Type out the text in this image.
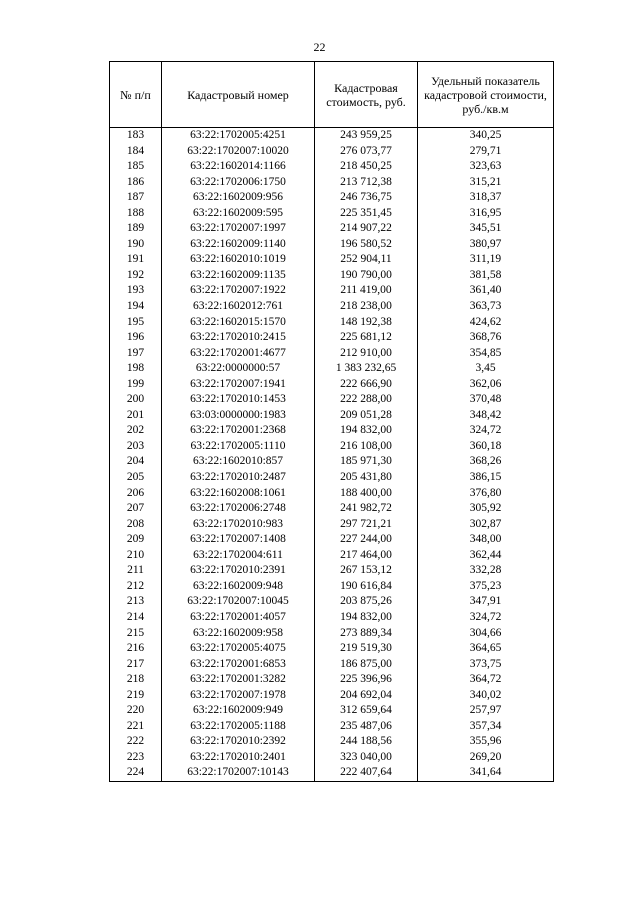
22
№ п/п	Кадастровый номер	Кадастровая стоимость, руб.	Удельный показатель кадастровой стоимости, руб./кв.м
183	63:22:1702005:4251	243 959,25	340,25
184	63:22:1702007:10020	276 073,77	279,71
185	63:22:1602014:1166	218 450,25	323,63
186	63:22:1702006:1750	213 712,38	315,21
187	63:22:1602009:956	246 736,75	318,37
188	63:22:1602009:595	225 351,45	316,95
189	63:22:1702007:1997	214 907,22	345,51
190	63:22:1602009:1140	196 580,52	380,97
191	63:22:1602010:1019	252 904,11	311,19
192	63:22:1602009:1135	190 790,00	381,58
193	63:22:1702007:1922	211 419,00	361,40
194	63:22:1602012:761	218 238,00	363,73
195	63:22:1602015:1570	148 192,38	424,62
196	63:22:1702010:2415	225 681,12	368,76
197	63:22:1702001:4677	212 910,00	354,85
198	63:22:0000000:57	1 383 232,65	3,45
199	63:22:1702007:1941	222 666,90	362,06
200	63:22:1702010:1453	222 288,00	370,48
201	63:03:0000000:1983	209 051,28	348,42
202	63:22:1702001:2368	194 832,00	324,72
203	63:22:1702005:1110	216 108,00	360,18
204	63:22:1602010:857	185 971,30	368,26
205	63:22:1702010:2487	205 431,80	386,15
206	63:22:1602008:1061	188 400,00	376,80
207	63:22:1702006:2748	241 982,72	305,92
208	63:22:1702010:983	297 721,21	302,87
209	63:22:1702007:1408	227 244,00	348,00
210	63:22:1702004:611	217 464,00	362,44
211	63:22:1702010:2391	267 153,12	332,28
212	63:22:1602009:948	190 616,84	375,23
213	63:22:1702007:10045	203 875,26	347,91
214	63:22:1702001:4057	194 832,00	324,72
215	63:22:1602009:958	273 889,34	304,66
216	63:22:1702005:4075	219 519,30	364,65
217	63:22:1702001:6853	186 875,00	373,75
218	63:22:1702001:3282	225 396,96	364,72
219	63:22:1702007:1978	204 692,04	340,02
220	63:22:1602009:949	312 659,64	257,97
221	63:22:1702005:1188	235 487,06	357,34
222	63:22:1702010:2392	244 188,56	355,96
223	63:22:1702010:2401	323 040,00	269,20
224	63:22:1702007:10143	222 407,64	341,64
